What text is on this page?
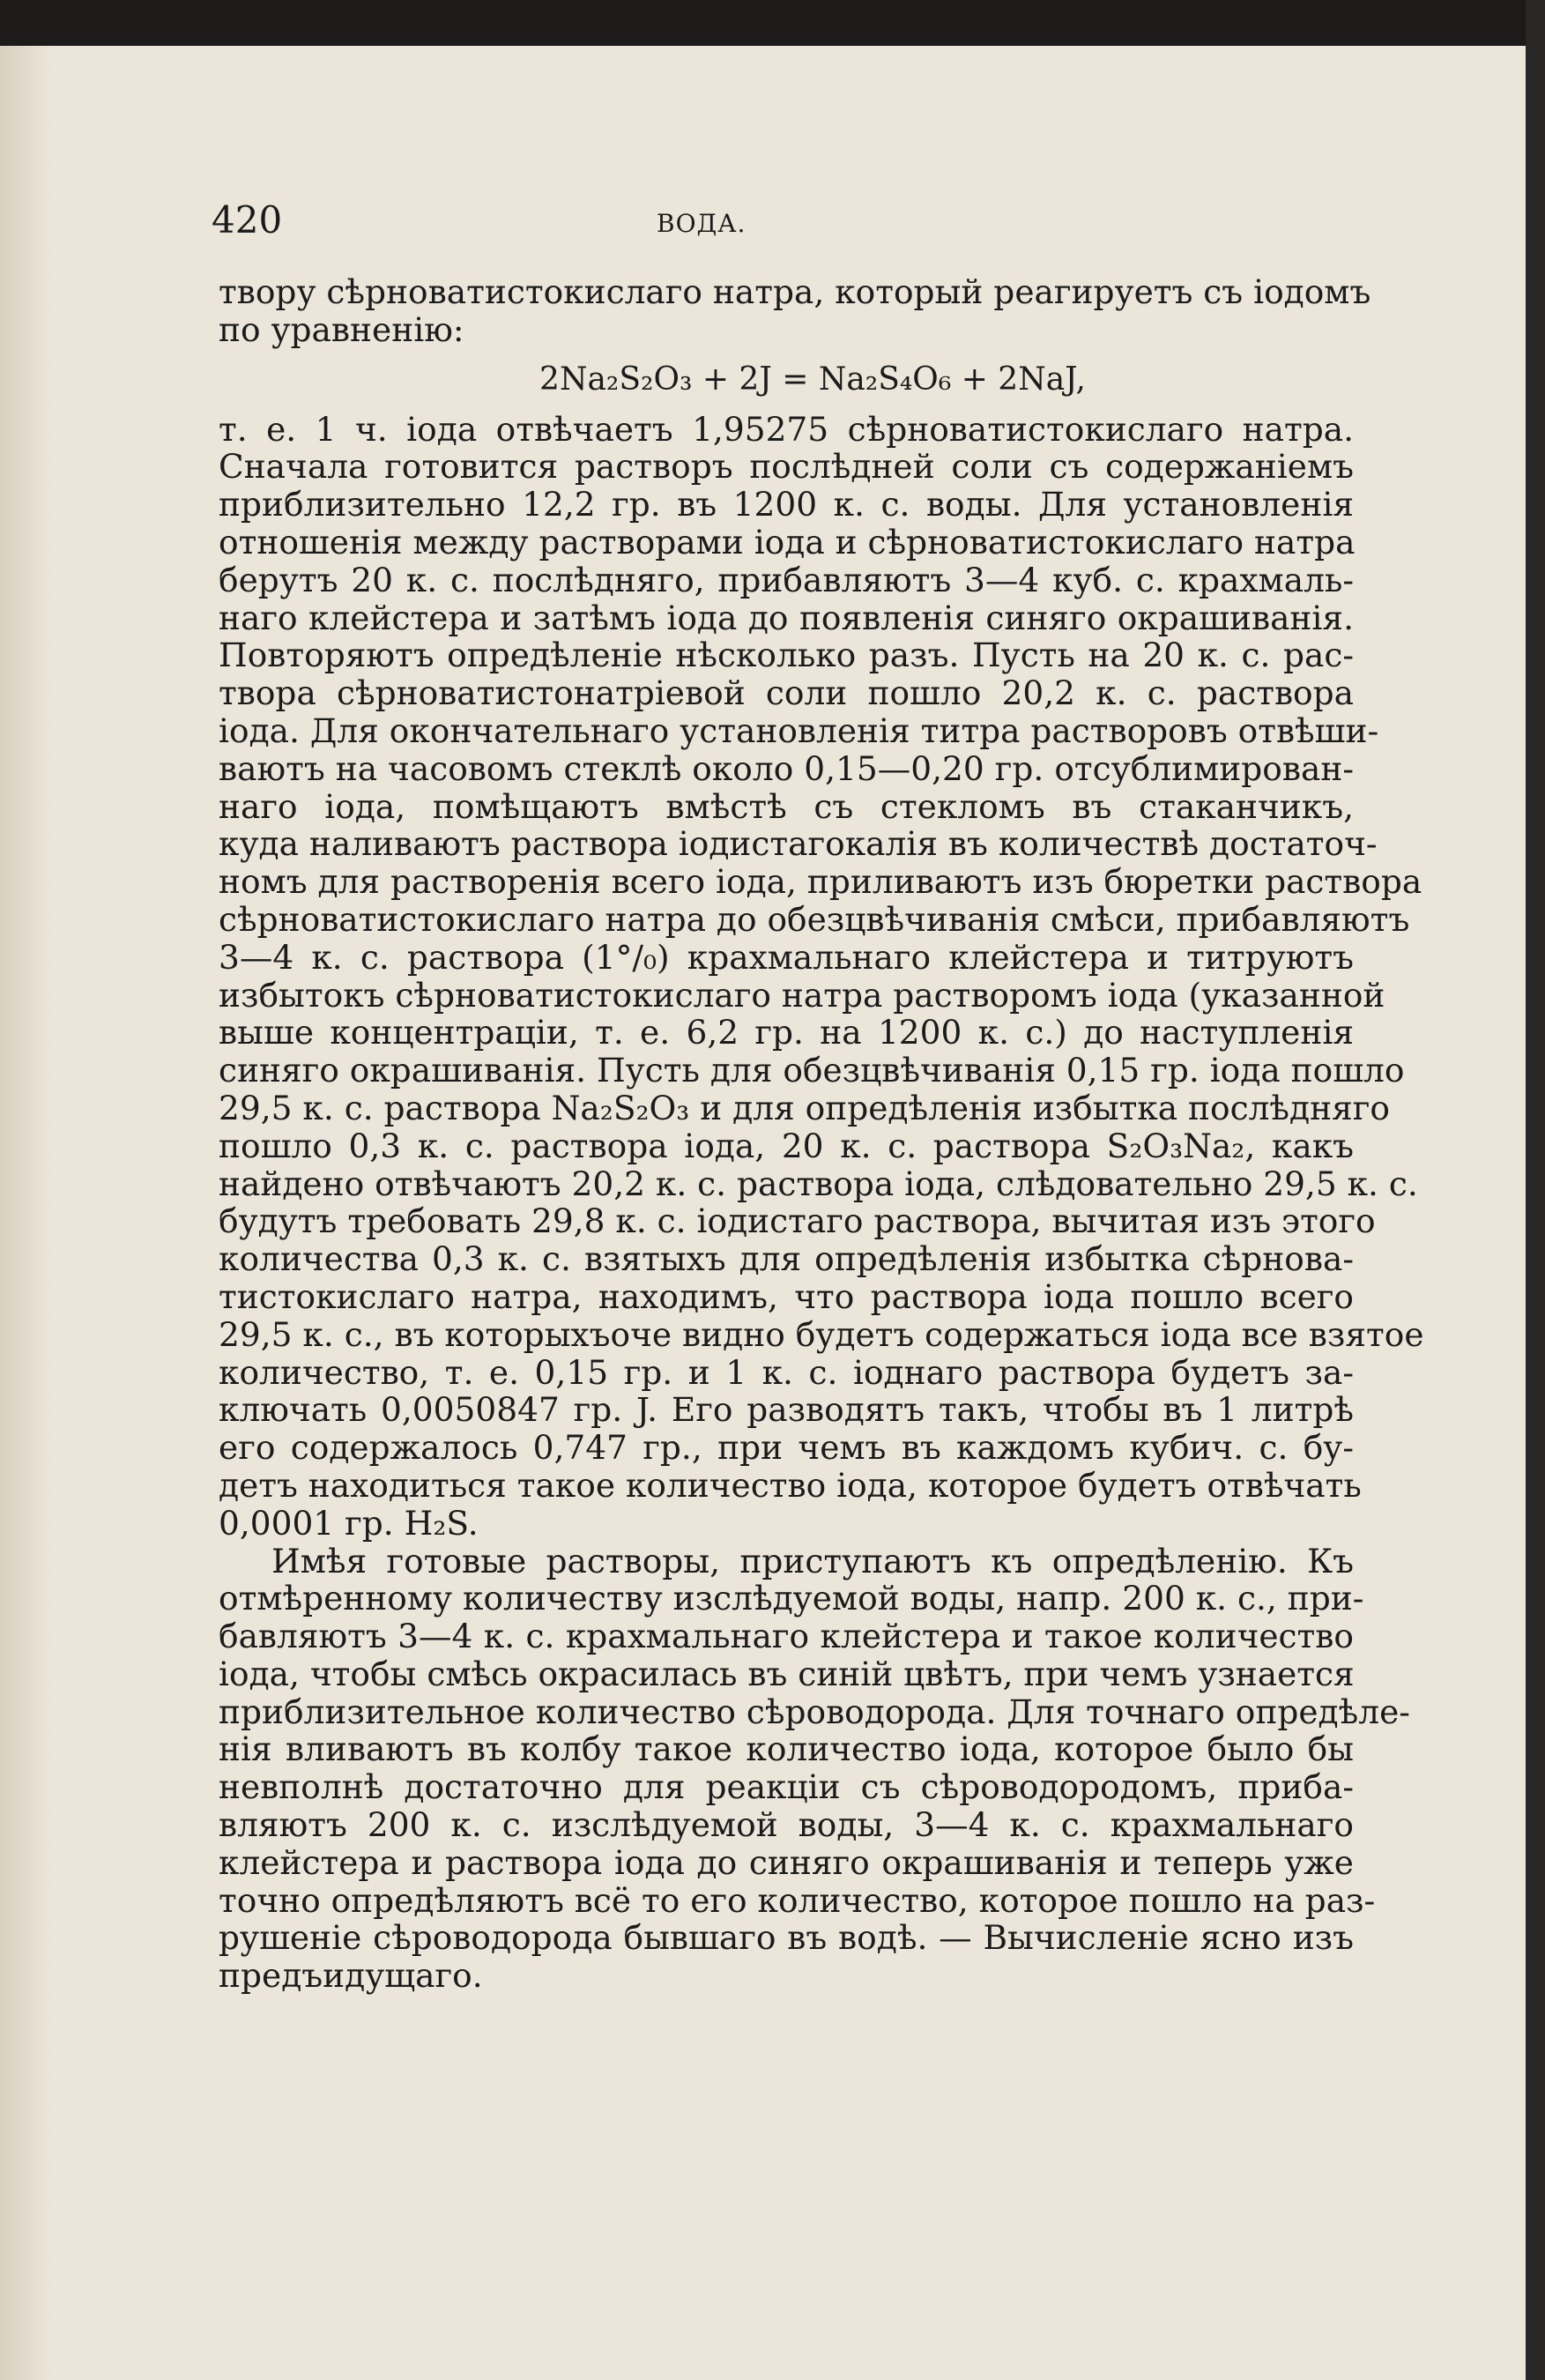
420	ВОДА.
твору сѣрноватистокислаго натра, который реагируетъ съ іодомъ
по уравненію:
2Na₂S₂O₃ + 2J = Na₂S₄O₆ + 2NaJ,
т. е. 1 ч. іода отвѣчаетъ 1,95275 сѣрноватистокислаго натра.
Сначала готовится растворъ послѣдней соли съ содержаніемъ
приблизительно 12,2 гр. въ 1200 к. с. воды. Для установленія
отношенія между растворами іода и сѣрноватистокислаго натра
берутъ 20 к. с. послѣдняго, прибавляютъ 3—4 куб. с. крахмаль-
наго клейстера и затѣмъ іода до появленія синяго окрашиванія.
Повторяютъ опредѣленіе нѣсколько разъ. Пусть на 20 к. с. рас-
твора сѣрноватистонатріевой соли пошло 20,2 к. с. раствора
іода. Для окончательнаго установленія титра растворовъ отвѣши-
ваютъ на часовомъ стеклѣ около 0,15—0,20 гр. отсублимирован-
наго іода, помѣщаютъ вмѣстѣ съ стекломъ въ стаканчикъ,
куда наливаютъ раствора іодистагокалія въ количествѣ достаточ-
номъ для растворенія всего іода, приливаютъ изъ бюретки раствора
сѣрноватистокислаго натра до обезцвѣчиванія смѣси, прибавляютъ
3—4 к. с. раствора (1°/₀) крахмальнаго клейстера и титруютъ
избытокъ сѣрноватистокислаго натра растворомъ іода (указанной
выше концентраціи, т. е. 6,2 гр. на 1200 к. с.) до наступленія
синяго окрашиванія. Пусть для обезцвѣчиванія 0,15 гр. іода пошло
29,5 к. с. раствора Na₂S₂O₃ и для опредѣленія избытка послѣдняго
пошло 0,3 к. с. раствора іода, 20 к. с. раствора S₂O₃Na₂, какъ
найдено отвѣчаютъ 20,2 к. с. раствора іода, слѣдовательно 29,5 к. с.
будутъ требовать 29,8 к. с. іодистаго раствора, вычитая изъ этого
количества 0,3 к. с. взятыхъ для опредѣленія избытка сѣрнова-
тистокислаго натра, находимъ, что раствора іода пошло всего
29,5 к. с., въ которыхъоче видно будетъ содержаться іода все взятое
количество, т. е. 0,15 гр. и 1 к. с. іоднаго раствора будетъ за-
ключать 0,0050847 гр. J. Его разводятъ такъ, чтобы въ 1 литрѣ
его содержалось 0,747 гр., при чемъ въ каждомъ кубич. с. бу-
детъ находиться такое количество іода, которое будетъ отвѣчать
0,0001 гр. H₂S.
Имѣя готовые растворы, приступаютъ къ опредѣленію. Къ
отмѣренному количеству изслѣдуемой воды, напр. 200 к. с., при-
бавляютъ 3—4 к. с. крахмальнаго клейстера и такое количество
іода, чтобы смѣсь окрасилась въ синій цвѣтъ, при чемъ узнается
приблизительное количество сѣроводорода. Для точнаго опредѣле-
нія вливаютъ въ колбу такое количество іода, которое было бы
невполнѣ достаточно для реакціи съ сѣроводородомъ, приба-
вляютъ 200 к. с. изслѣдуемой воды, 3—4 к. с. крахмальнаго
клейстера и раствора іода до синяго окрашиванія и теперь уже
точно опредѣляютъ всё то его количество, которое пошло на раз-
рушеніе сѣроводорода бывшаго въ водѣ. — Вычисленіе ясно изъ
предъидущаго.
